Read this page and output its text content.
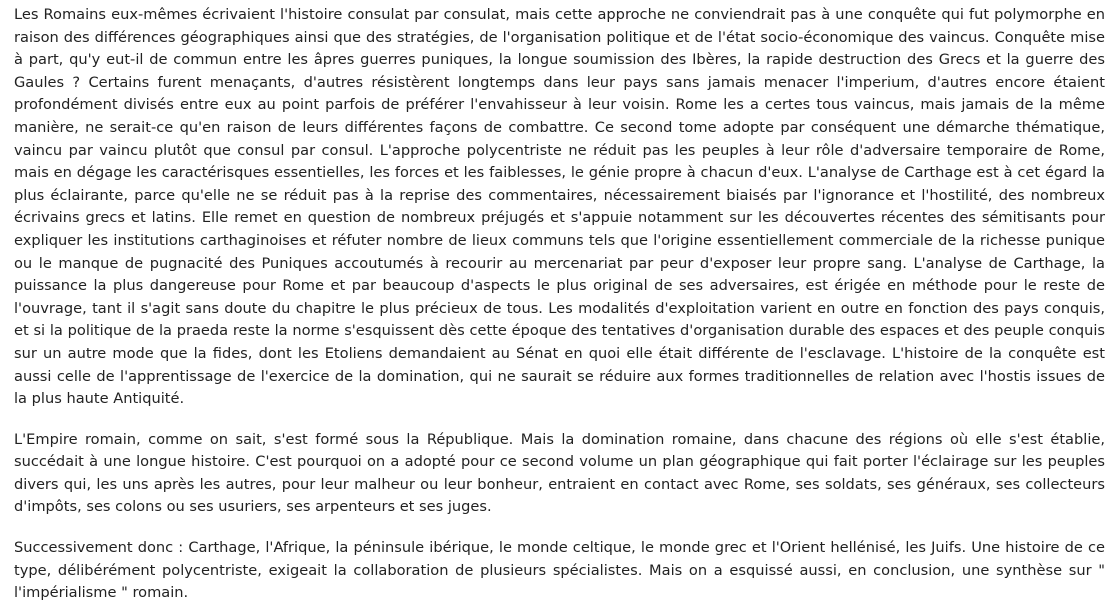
Les Romains eux-mêmes écrivaient l'histoire consulat par consulat, mais cette approche ne conviendrait pas à une conquête qui fut polymorphe en raison des différences géographiques ainsi que des stratégies, de l'organisation politique et de l'état socio-économique des vaincus. Conquête mise à part, qu'y eut-il de commun entre les âpres guerres puniques, la longue soumission des Ibères, la rapide destruction des Grecs et la guerre des Gaules ? Certains furent menaçants, d'autres résistèrent longtemps dans leur pays sans jamais menacer l'imperium, d'autres encore étaient profondément divisés entre eux au point parfois de préférer l'envahisseur à leur voisin. Rome les a certes tous vaincus, mais jamais de la même manière, ne serait-ce qu'en raison de leurs différentes façons de combattre. Ce second tome adopte par conséquent une démarche thématique, vaincu par vaincu plutôt que consul par consul. L'approche polycentriste ne réduit pas les peuples à leur rôle d'adversaire temporaire de Rome, mais en dégage les caractérisques essentielles, les forces et les faiblesses, le génie propre à chacun d'eux. L'analyse de Carthage est à cet égard la plus éclairante, parce qu'elle ne se réduit pas à la reprise des commentaires, nécessairement biaisés par l'ignorance et l'hostilité, des nombreux écrivains grecs et latins. Elle remet en question de nombreux préjugés et s'appuie notamment sur les découvertes récentes des sémitisants pour expliquer les institutions carthaginoises et réfuter nombre de lieux communs tels que l'origine essentiellement commerciale de la richesse punique ou le manque de pugnacité des Puniques accoutumés à recourir au mercenariat par peur d'exposer leur propre sang. L'analyse de Carthage, la puissance la plus dangereuse pour Rome et par beaucoup d'aspects le plus original de ses adversaires, est érigée en méthode pour le reste de l'ouvrage, tant il s'agit sans doute du chapitre le plus précieux de tous. Les modalités d'exploitation varient en outre en fonction des pays conquis, et si la politique de la praeda reste la norme s'esquissent dès cette époque des tentatives d'organisation durable des espaces et des peuple conquis sur un autre mode que la fides, dont les Etoliens demandaient au Sénat en quoi elle était différente de l'esclavage. L'histoire de la conquête est aussi celle de l'apprentissage de l'exercice de la domination, qui ne saurait se réduire aux formes traditionnelles de relation avec l'hostis issues de la plus haute Antiquité.

L'Empire romain, comme on sait, s'est formé sous la République. Mais la domination romaine, dans chacune des régions où elle s'est établie, succédait à une longue histoire. C'est pourquoi on a adopté pour ce second volume un plan géographique qui fait porter l'éclairage sur les peuples divers qui, les uns après les autres, pour leur malheur ou leur bonheur, entraient en contact avec Rome, ses soldats, ses généraux, ses collecteurs d'impôts, ses colons ou ses usuriers, ses arpenteurs et ses juges.

Successivement donc : Carthage, l'Afrique, la péninsule ibérique, le monde celtique, le monde grec et l'Orient hellénisé, les Juifs. Une histoire de ce type, délibérément polycentriste, exigeait la collaboration de plusieurs spécialistes. Mais on a esquissé aussi, en conclusion, une synthèse sur " l'impérialisme " romain.
